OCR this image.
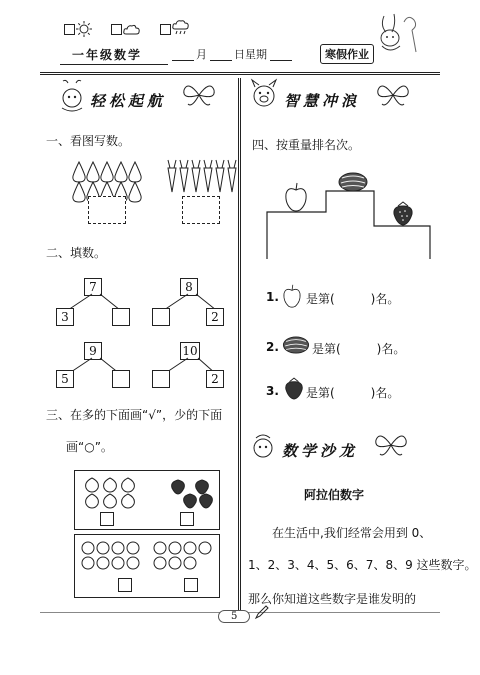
一年级数学	月 日星期	寒假作业
轻松起航
一、看图写数。
二、填数。
7
3
8
2
9
5
10
2
三、在多的下面画“√”，少的下面
画“○”。
智慧冲浪
四、按重量排名次。
1. 是第(　　　)名。
2.	是第(　　　)名。
3. 是第(　　　)名。
数学沙龙
阿拉伯数字
在生活中,我们经常会用到 0、
1、2、3、4、5、6、7、8、9 这些数字。
那么你知道这些数字是谁发明的
5
